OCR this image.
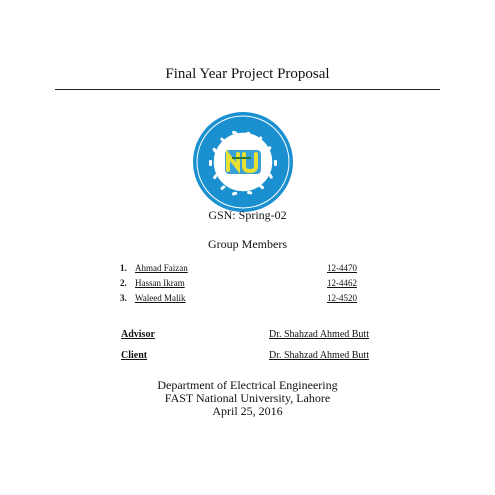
Final Year Project Proposal
GSN: Spring-02
Group Members
1. Ahmad Faizan	12-4470
2. Hassan Ikram	12-4462
3. Waleed Malik	12-4520
Advisor	Dr. Shahzad Ahmed Butt
Client	Dr. Shahzad Ahmed Butt
Department of Electrical Engineering
FAST National University, Lahore
April 25, 2016
